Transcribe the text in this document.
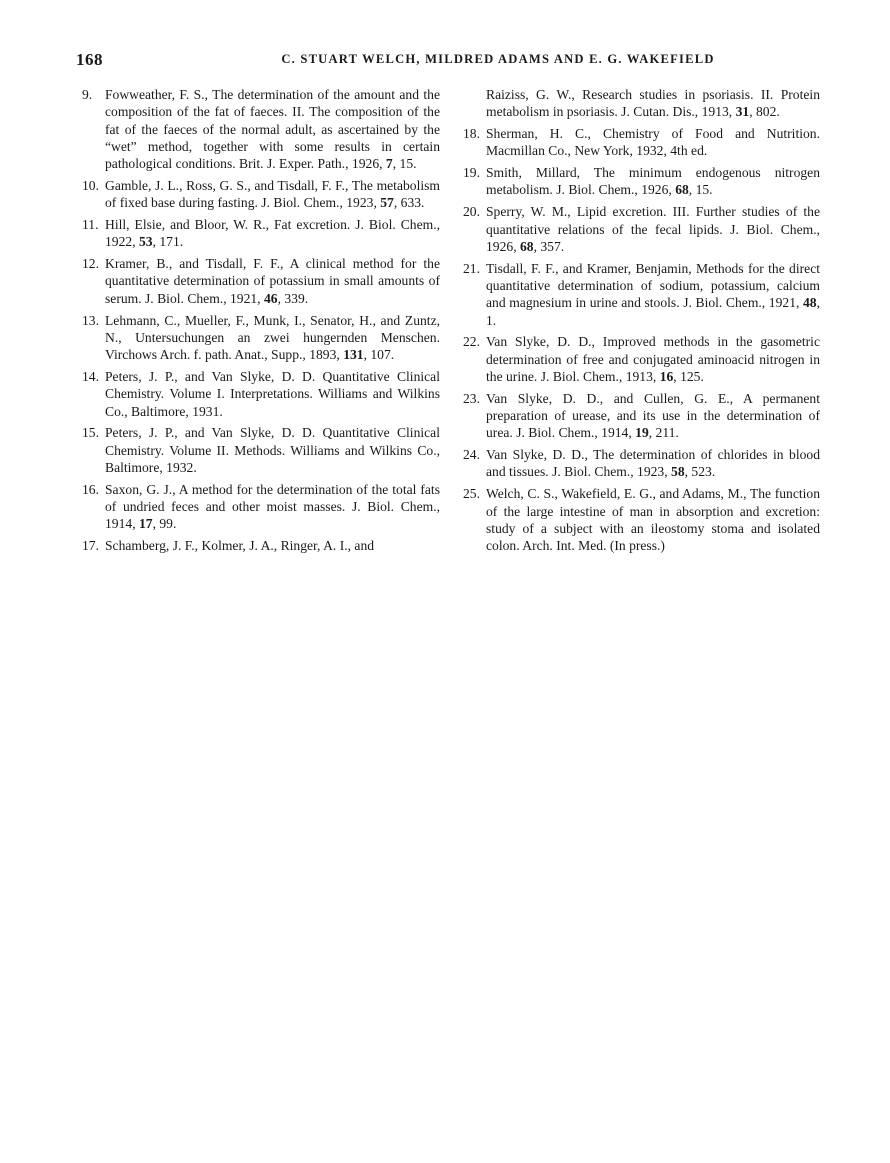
168	C. STUART WELCH, MILDRED ADAMS AND E. G. WAKEFIELD
9. Fowweather, F. S., The determination of the amount and the composition of the fat of faeces. II. The composition of the fat of the faeces of the normal adult, as ascertained by the “wet” method, together with some results in certain pathological conditions. Brit. J. Exper. Path., 1926, 7, 15.
10. Gamble, J. L., Ross, G. S., and Tisdall, F. F., The metabolism of fixed base during fasting. J. Biol. Chem., 1923, 57, 633.
11. Hill, Elsie, and Bloor, W. R., Fat excretion. J. Biol. Chem., 1922, 53, 171.
12. Kramer, B., and Tisdall, F. F., A clinical method for the quantitative determination of potassium in small amounts of serum. J. Biol. Chem., 1921, 46, 339.
13. Lehmann, C., Mueller, F., Munk, I., Senator, H., and Zuntz, N., Untersuchungen an zwei hungernden Menschen. Virchows Arch. f. path. Anat., Supp., 1893, 131, 107.
14. Peters, J. P., and Van Slyke, D. D. Quantitative Clinical Chemistry. Volume I. Interpretations. Williams and Wilkins Co., Baltimore, 1931.
15. Peters, J. P., and Van Slyke, D. D. Quantitative Clinical Chemistry. Volume II. Methods. Williams and Wilkins Co., Baltimore, 1932.
16. Saxon, G. J., A method for the determination of the total fats of undried feces and other moist masses. J. Biol. Chem., 1914, 17, 99.
17. Schamberg, J. F., Kolmer, J. A., Ringer, A. I., and
Raiziss, G. W., Research studies in psoriasis. II. Protein metabolism in psoriasis. J. Cutan. Dis., 1913, 31, 802.
18. Sherman, H. C., Chemistry of Food and Nutrition. Macmillan Co., New York, 1932, 4th ed.
19. Smith, Millard, The minimum endogenous nitrogen metabolism. J. Biol. Chem., 1926, 68, 15.
20. Sperry, W. M., Lipid excretion. III. Further studies of the quantitative relations of the fecal lipids. J. Biol. Chem., 1926, 68, 357.
21. Tisdall, F. F., and Kramer, Benjamin, Methods for the direct quantitative determination of sodium, potassium, calcium and magnesium in urine and stools. J. Biol. Chem., 1921, 48, 1.
22. Van Slyke, D. D., Improved methods in the gasometric determination of free and conjugated aminoacid nitrogen in the urine. J. Biol. Chem., 1913, 16, 125.
23. Van Slyke, D. D., and Cullen, G. E., A permanent preparation of urease, and its use in the determination of urea. J. Biol. Chem., 1914, 19, 211.
24. Van Slyke, D. D., The determination of chlorides in blood and tissues. J. Biol. Chem., 1923, 58, 523.
25. Welch, C. S., Wakefield, E. G., and Adams, M., The function of the large intestine of man in absorption and excretion: study of a subject with an ileostomy stoma and isolated colon. Arch. Int. Med. (In press.)
